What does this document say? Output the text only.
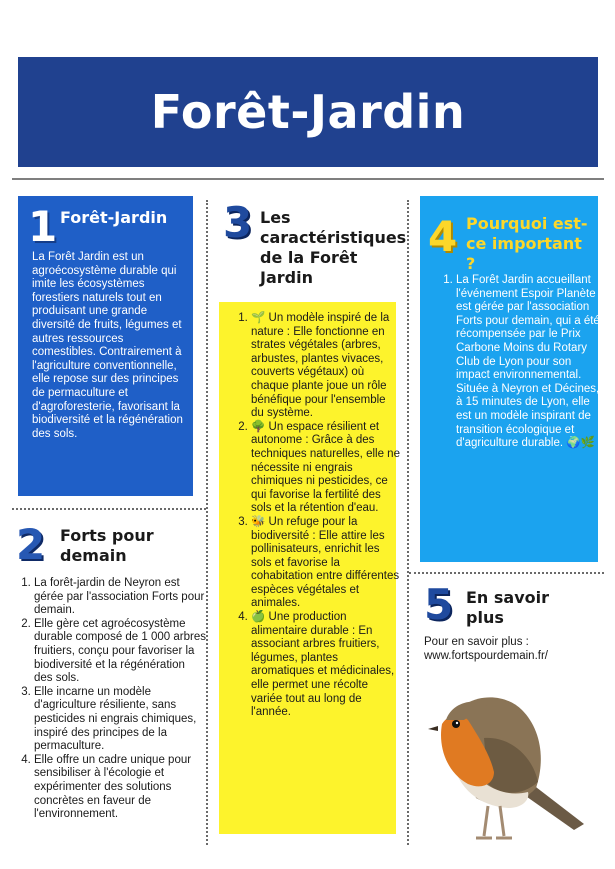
Forêt-Jardin
1 Forêt-Jardin
La Forêt Jardin est un agroécosystème durable qui imite les écosystèmes forestiers naturels tout en produisant une grande diversité de fruits, légumes et autres ressources comestibles. Contrairement à l'agriculture conventionnelle, elle repose sur des principes de permaculture et d'agroforesterie, favorisant la biodiversité et la régénération des sols.
2 Forts pour demain
1. La forêt-jardin de Neyron est gérée par l'association Forts pour demain.
2. Elle gère cet agroécosystème durable composé de 1 000 arbres fruitiers, conçu pour favoriser la biodiversité et la régénération des sols.
3. Elle incarne un modèle d'agriculture résiliente, sans pesticides ni engrais chimiques, inspiré des principes de la permaculture.
4. Elle offre un cadre unique pour sensibiliser à l'écologie et expérimenter des solutions concrètes en faveur de l'environnement.
3 Les caractéristiques de la Forêt Jardin
1. 🌱 Un modèle inspiré de la nature : Elle fonctionne en strates végétales (arbres, arbustes, plantes vivaces, couverts végétaux) où chaque plante joue un rôle bénéfique pour l'ensemble du système.
2. 🌳 Un espace résilient et autonome : Grâce à des techniques naturelles, elle ne nécessite ni engrais chimiques ni pesticides, ce qui favorise la fertilité des sols et la rétention d'eau.
3. 🐝 Un refuge pour la biodiversité : Elle attire les pollinisateurs, enrichit les sols et favorise la cohabitation entre différentes espèces végétales et animales.
4. 🍏 Une production alimentaire durable : En associant arbres fruitiers, légumes, plantes aromatiques et médicinales, elle permet une récolte variée tout au long de l'année.
4 Pourquoi est-ce important ?
1. La Forêt Jardin accueillant l'événement Espoir Planète est gérée par l'association Forts pour demain, qui a été récompensée par le Prix Carbone Moins du Rotary Club de Lyon pour son impact environnemental. Située à Neyron et Décines, à 15 minutes de Lyon, elle est un modèle inspirant de transition écologique et d'agriculture durable. 🌍🌿
5 En savoir plus
Pour en savoir plus :
www.fortspourdemain.fr/
